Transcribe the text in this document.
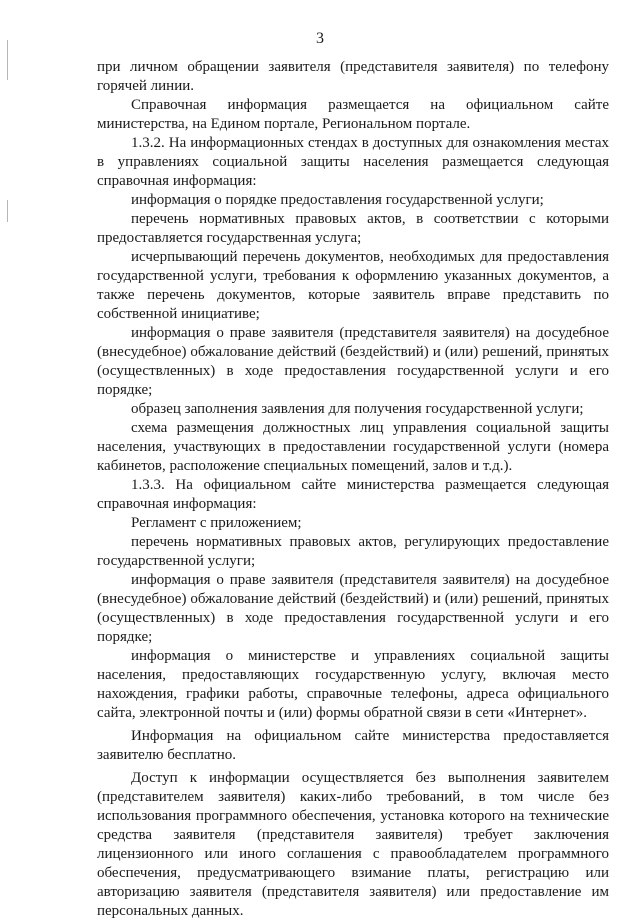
3

при личном обращении заявителя (представителя заявителя) по телефону горячей линии.

Справочная информация размещается на официальном сайте министерства, на Едином портале, Региональном портале.

1.3.2. На информационных стендах в доступных для ознакомления местах в управлениях социальной защиты населения размещается следующая справочная информация:

информация о порядке предоставления государственной услуги;

перечень нормативных правовых актов, в соответствии с которыми предоставляется государственная услуга;

исчерпывающий перечень документов, необходимых для предоставления государственной услуги, требования к оформлению указанных документов, а также перечень документов, которые заявитель вправе представить по собственной инициативе;

информация о праве заявителя (представителя заявителя) на досудебное (внесудебное) обжалование действий (бездействий) и (или) решений, принятых (осуществленных) в ходе предоставления государственной услуги и его порядке;

образец заполнения заявления для получения государственной услуги;

схема размещения должностных лиц управления социальной защиты населения, участвующих в предоставлении государственной услуги (номера кабинетов, расположение специальных помещений, залов и т.д.).

1.3.3. На официальном сайте министерства размещается следующая справочная информация:

Регламент с приложением;

перечень нормативных правовых актов, регулирующих предоставление государственной услуги;

информация о праве заявителя (представителя заявителя) на досудебное (внесудебное) обжалование действий (бездействий) и (или) решений, принятых (осуществленных) в ходе предоставления государственной услуги и его порядке;

информация о министерстве и управлениях социальной защиты населения, предоставляющих государственную услугу, включая место нахождения, графики работы, справочные телефоны, адреса официального сайта, электронной почты и (или) формы обратной связи в сети «Интернет».

Информация на официальном сайте министерства предоставляется заявителю бесплатно.

Доступ к информации осуществляется без выполнения заявителем (представителем заявителя) каких-либо требований, в том числе без использования программного обеспечения, установка которого на технические средства заявителя (представителя заявителя) требует заключения лицензионного или иного соглашения с правообладателем программного обеспечения, предусматривающего взимание платы, регистрацию или авторизацию заявителя (представителя заявителя) или предоставление им персональных данных.
